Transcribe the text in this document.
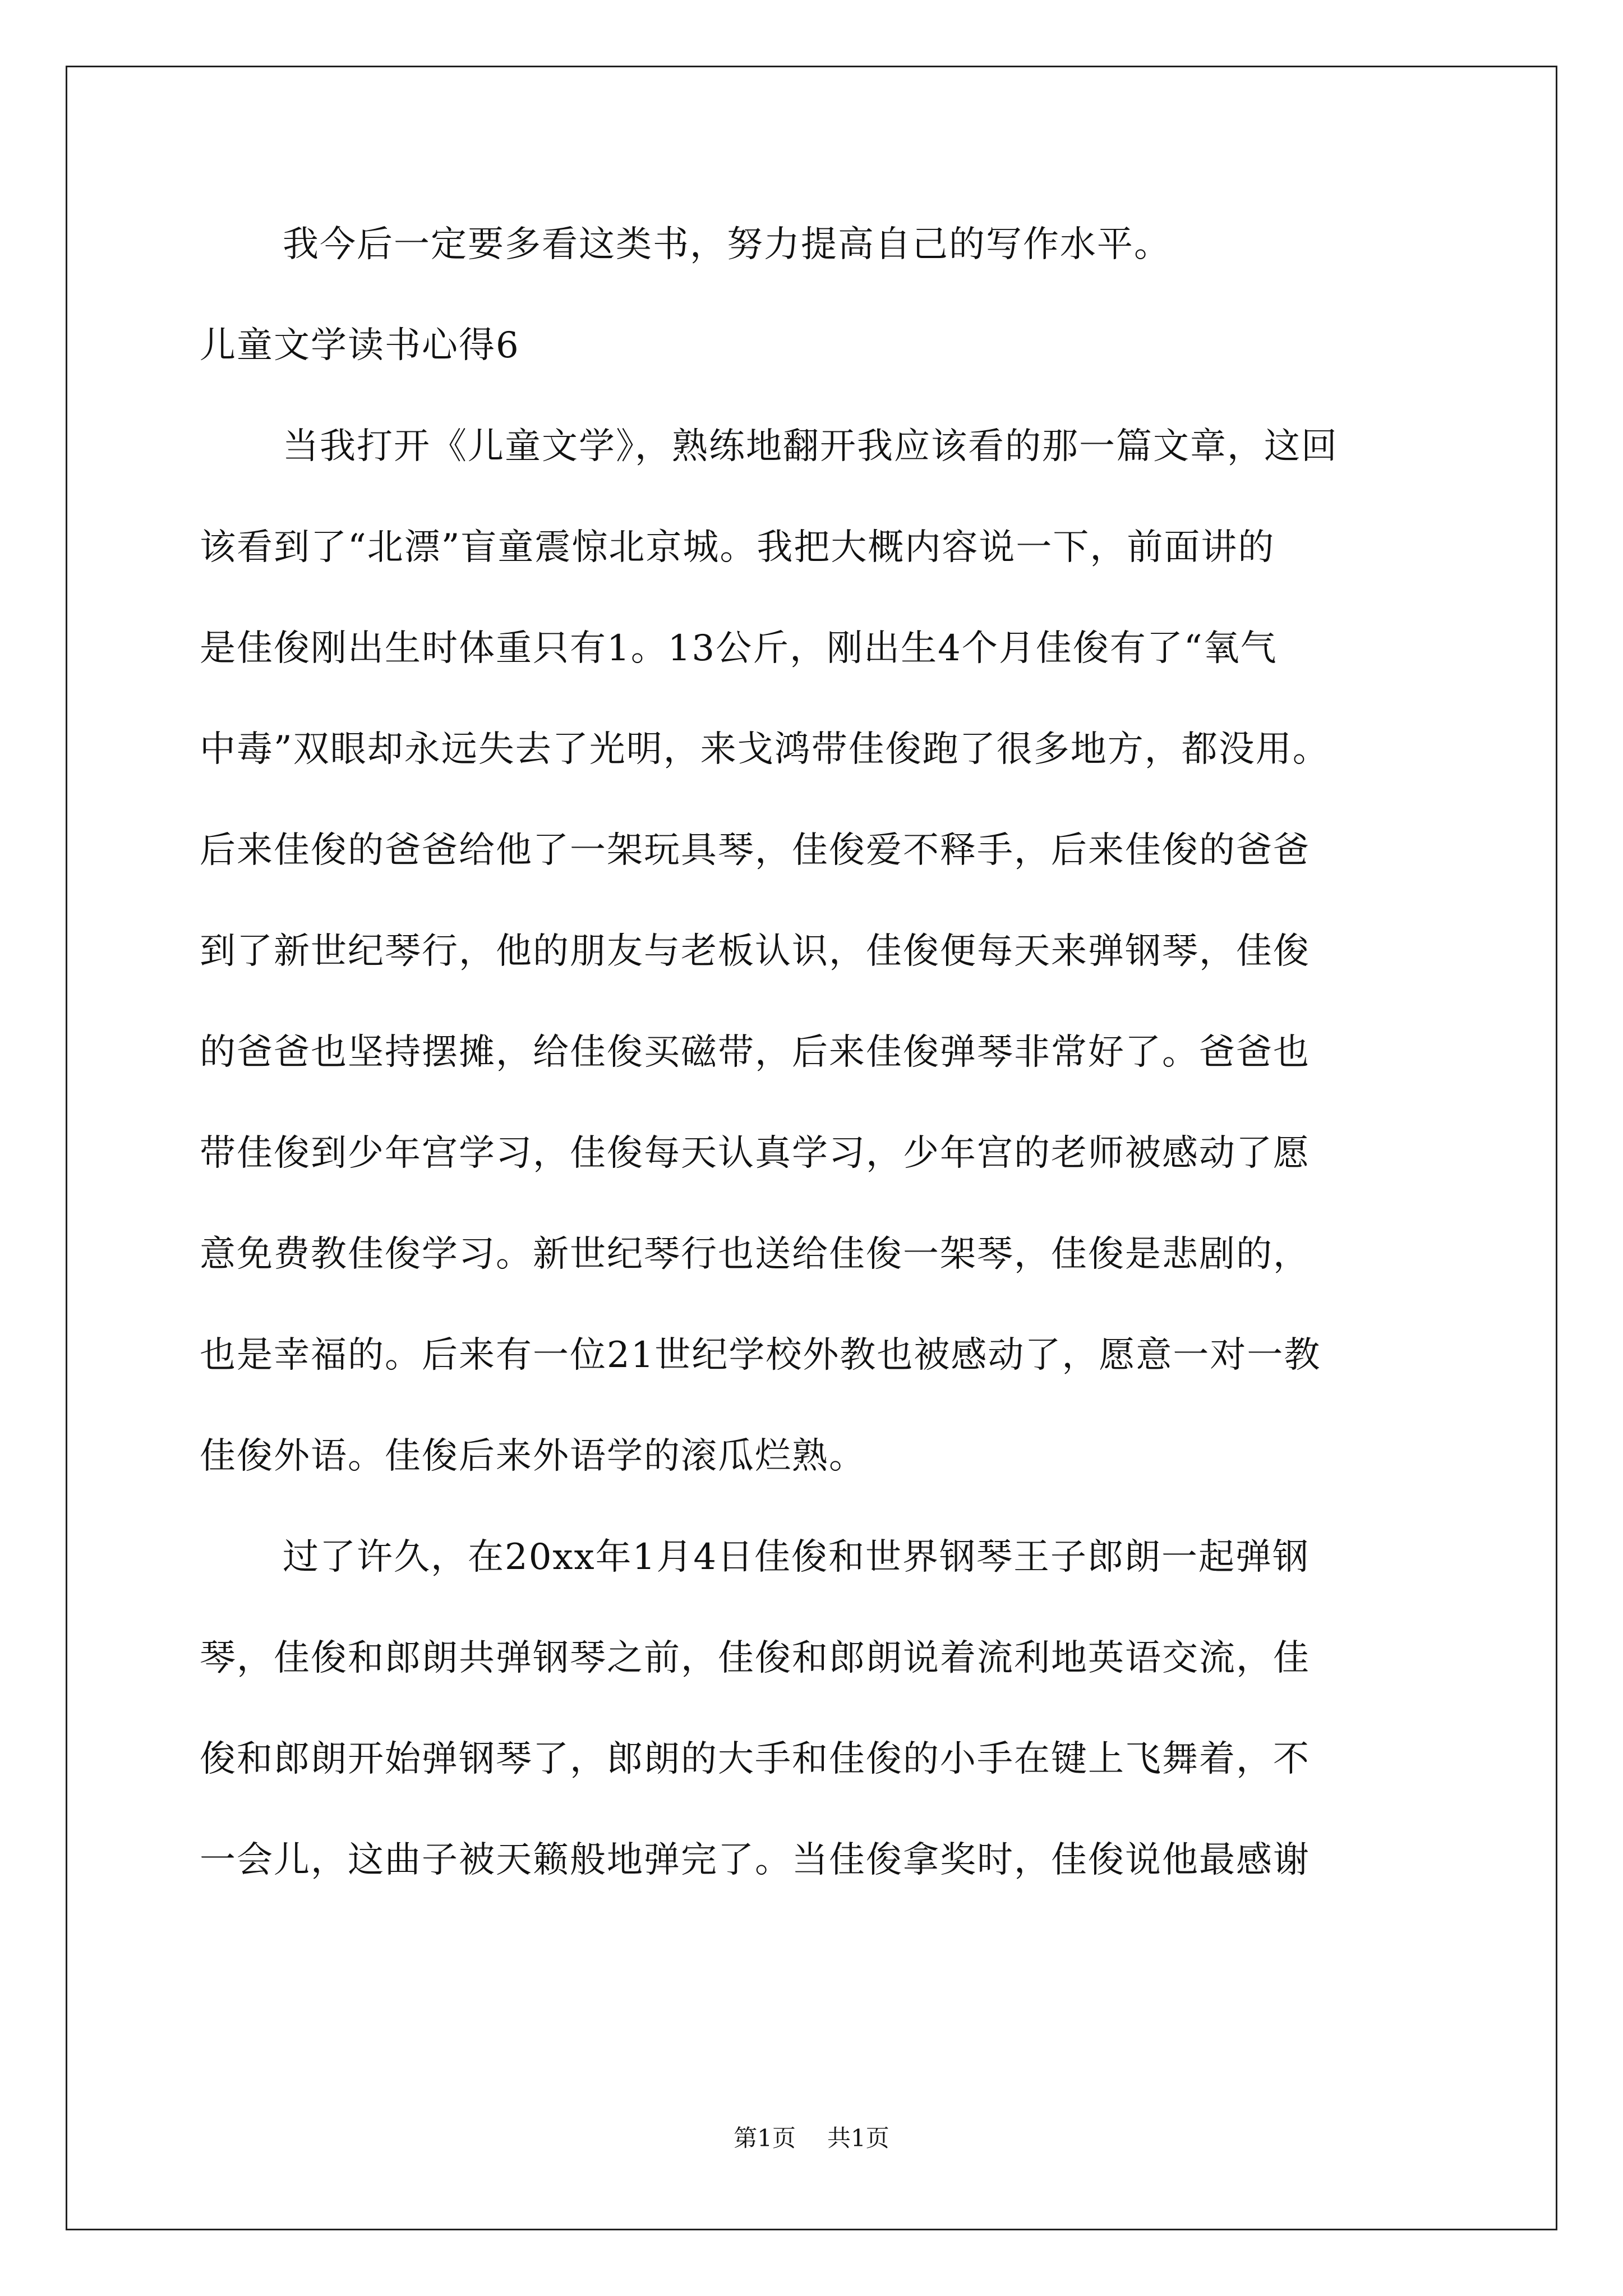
我今后一定要多看这类书，努力提高自己的写作水平。

儿童文学读书心得6

当我打开《儿童文学》，熟练地翻开我应该看的那一篇文章，这回

该看到了“北漂”盲童震惊北京城。我把大概内容说一下，前面讲的

是佳俊刚出生时体重只有1。13公斤，刚出生4个月佳俊有了“氧气

中毒”双眼却永远失去了光明，来戈鸿带佳俊跑了很多地方，都没用。

后来佳俊的爸爸给他了一架玩具琴，佳俊爱不释手，后来佳俊的爸爸

到了新世纪琴行，他的朋友与老板认识，佳俊便每天来弹钢琴，佳俊

的爸爸也坚持摆摊，给佳俊买磁带，后来佳俊弹琴非常好了。爸爸也

带佳俊到少年宫学习，佳俊每天认真学习，少年宫的老师被感动了愿

意免费教佳俊学习。新世纪琴行也送给佳俊一架琴，佳俊是悲剧的，

也是幸福的。后来有一位21世纪学校外教也被感动了，愿意一对一教

佳俊外语。佳俊后来外语学的滚瓜烂熟。

过了许久，在20xx年1月4日佳俊和世界钢琴王子郎朗一起弹钢

琴，佳俊和郎朗共弹钢琴之前，佳俊和郎朗说着流利地英语交流，佳

俊和郎朗开始弹钢琴了，郎朗的大手和佳俊的小手在键上飞舞着，不

一会儿，这曲子被天籁般地弹完了。当佳俊拿奖时，佳俊说他最感谢

第1页 共1页
